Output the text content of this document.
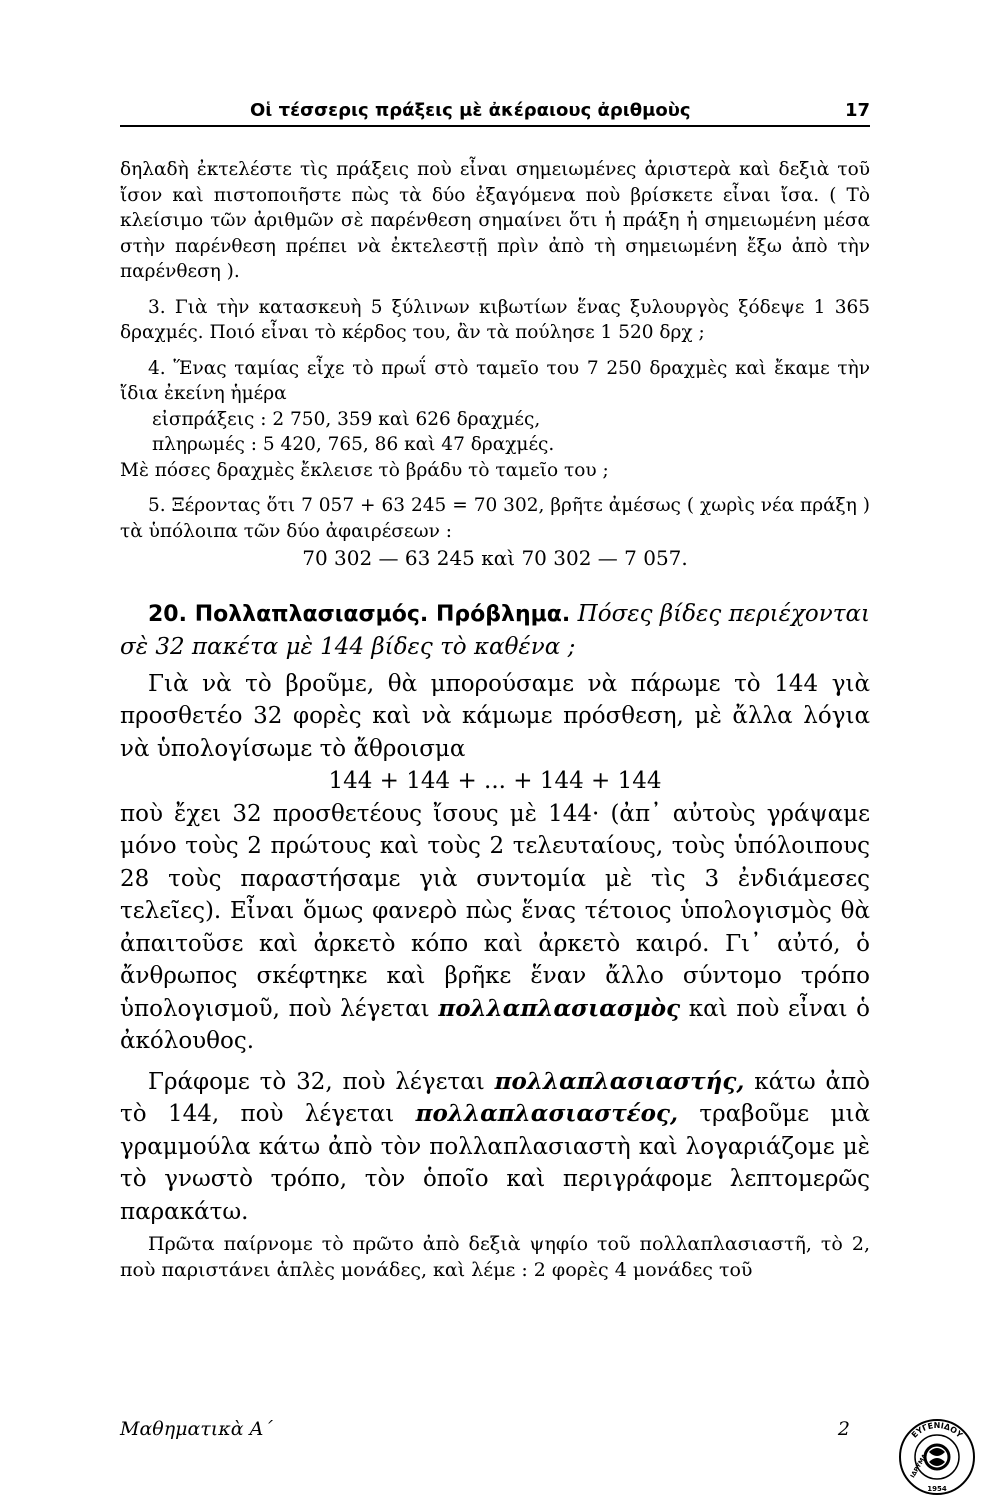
Οἱ τέσσερις πράξεις μὲ ἀκέραιους ἀριθμοὺς	17

δηλαδὴ ἐκτελέστε τὶς πράξεις ποὺ εἶναι σημειωμένες ἀριστερὰ καὶ δεξιὰ τοῦ ἴσον καὶ πιστοποιῆστε πὼς τὰ δύο ἐξαγόμενα ποὺ βρίσκετε εἶναι ἴσα. ( Τὸ κλείσιμο τῶν ἀριθμῶν σὲ παρένθεση σημαίνει ὅτι ἡ πράξη ἡ σημειωμένη μέσα στὴν παρένθεση πρέπει νὰ ἐκτελεστῇ πρὶν ἀπὸ τὴ σημειωμένη ἔξω ἀπὸ τὴν παρένθεση ).

3. Γιὰ τὴν κατασκευὴ 5 ξύλινων κιβωτίων ἕνας ξυλουργὸς ξόδεψε 1 365 δραχμές. Ποιό εἶναι τὸ κέρδος του, ἂν τὰ πούλησε 1 520 δρχ ;

4. Ἕνας ταμίας εἶχε τὸ πρωΐ στὸ ταμεῖο του 7 250 δραχμὲς καὶ ἔκαμε τὴν ἴδια ἐκείνη ἡμέρα

εἰσπράξεις : 2 750, 359 καὶ 626 δραχμές,

πληρωμές : 5 420, 765, 86 καὶ 47 δραχμές.

Μὲ πόσες δραχμὲς ἔκλεισε τὸ βράδυ τὸ ταμεῖο του ;

5. Ξέροντας ὅτι 7 057 + 63 245 = 70 302, βρῆτε ἀμέσως ( χωρὶς νέα πράξη ) τὰ ὑπόλοιπα τῶν δύο ἀφαιρέσεων :

70 302 — 63 245 καὶ 70 302 — 7 057.

20. Πολλαπλασιασμός. Πρόβλημα. Πόσες βίδες περιέχονται σὲ 32 πακέτα μὲ 144 βίδες τὸ καθένα ;

Γιὰ νὰ τὸ βροῦμε, θὰ μπορούσαμε νὰ πάρωμε τὸ 144 γιὰ προσθετέο 32 φορὲς καὶ νὰ κάμωμε πρόσθεση, μὲ ἄλλα λόγια νὰ ὑπολογίσωμε τὸ ἄθροισμα

144 + 144 + ... + 144 + 144

ποὺ ἔχει 32 προσθετέους ἴσους μὲ 144· (ἀπ᾽ αὐτοὺς γράψαμε μόνο τοὺς 2 πρώτους καὶ τοὺς 2 τελευταίους, τοὺς ὑπόλοιπους 28 τοὺς παραστήσαμε γιὰ συντομία μὲ τὶς 3 ἐνδιάμεσες τελεῖες). Εἶναι ὅμως φανερὸ πὼς ἕνας τέτοιος ὑπολογισμὸς θὰ ἀπαιτοῦσε καὶ ἀρκετὸ κόπο καὶ ἀρκετὸ καιρό. Γι᾽ αὐτό, ὁ ἄνθρωπος σκέφτηκε καὶ βρῆκε ἕναν ἄλλο σύντομο τρόπο ὑπολογισμοῦ, ποὺ λέγεται πολλαπλασιασμὸς καὶ ποὺ εἶναι ὁ ἀκόλουθος.

Γράφομε τὸ 32, ποὺ λέγεται πολλαπλασιαστής, κάτω ἀπὸ τὸ 144, ποὺ λέγεται πολλαπλασιαστέος, τραβοῦμε μιὰ γραμμούλα κάτω ἀπὸ τὸν πολλαπλασιαστὴ καὶ λογαριάζομε μὲ τὸ γνωστὸ τρόπο, τὸν ὁποῖο καὶ περιγράφομε λεπτομερῶς παρακάτω.

Πρῶτα παίρνομε τὸ πρῶτο ἀπὸ δεξιὰ ψηφίο τοῦ πολλαπλασιαστῆ, τὸ 2, ποὺ παριστάνει ἁπλὲς μονάδες, καὶ λέμε : 2 φορὲς 4 μονάδες τοῦ
Μαθηματικὰ Α΄	2	ΕΥΓΕΝΙΔΟΥ
ΙΔΡΥΜΑ
1954
